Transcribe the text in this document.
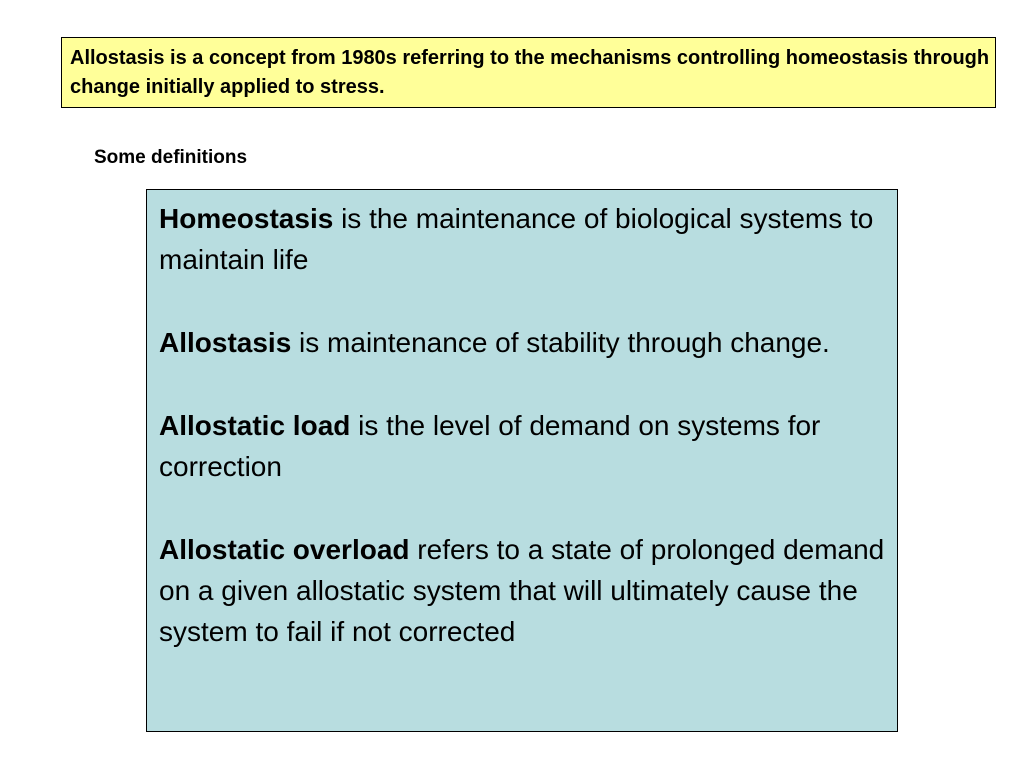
Allostasis is a concept from 1980s referring to the mechanisms controlling homeostasis through change initially applied to stress.
Some definitions

Homeostasis is the maintenance of biological systems to maintain life

Allostasis is maintenance of stability through change.

Allostatic load is the level of demand on systems for correction

Allostatic overload refers to a state of prolonged demand on a given allostatic system that will ultimately cause the system to fail if not corrected
